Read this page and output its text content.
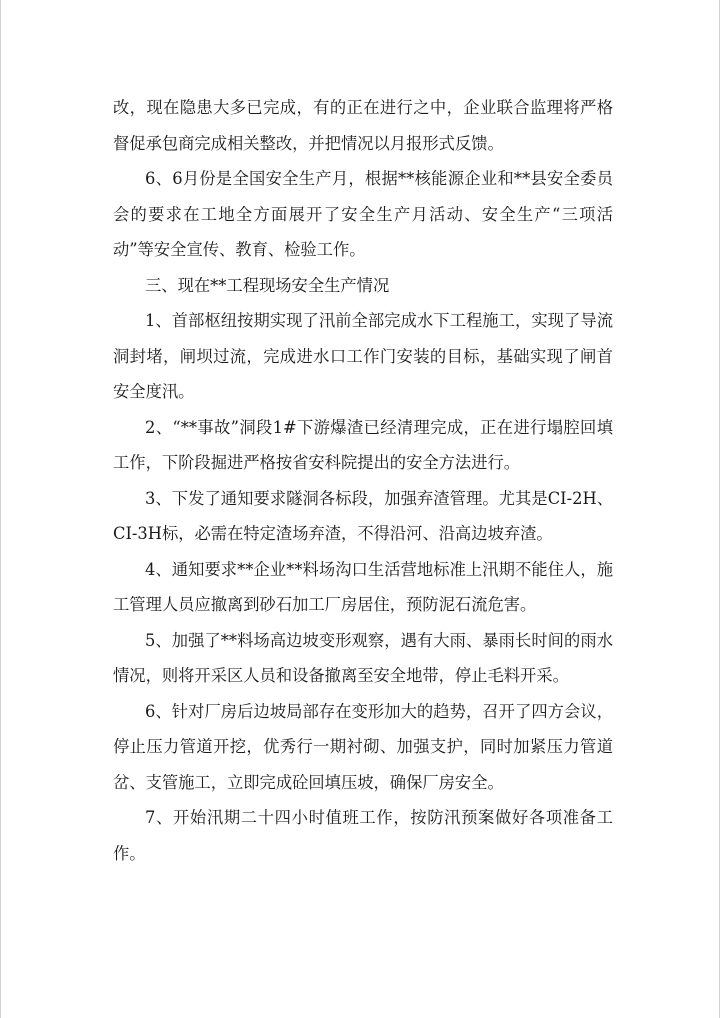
改，现在隐患大多已完成，有的正在进行之中，企业联合监理将严格督促承包商完成相关整改，并把情况以月报形式反馈。

6、6月份是全国安全生产月，根据**核能源企业和**县安全委员会的要求在工地全方面展开了安全生产月活动、安全生产“三项活动”等安全宣传、教育、检验工作。

三、现在**工程现场安全生产情况

1、首部枢纽按期实现了汛前全部完成水下工程施工，实现了导流洞封堵，闸坝过流，完成进水口工作门安装的目标，基础实现了闸首安全度汛。

2、“**事故”洞段1#下游爆渣已经清理完成，正在进行塌腔回填工作，下阶段掘进严格按省安科院提出的安全方法进行。

3、下发了通知要求隧洞各标段，加强弃渣管理。尤其是CI-2H、CI-3H标，必需在特定渣场弃渣，不得沿河、沿高边坡弃渣。

4、通知要求**企业**料场沟口生活营地标准上汛期不能住人，施工管理人员应撤离到砂石加工厂房居住，预防泥石流危害。

5、加强了**料场高边坡变形观察，遇有大雨、暴雨长时间的雨水情况，则将开采区人员和设备撤离至安全地带，停止毛料开采。

6、针对厂房后边坡局部存在变形加大的趋势，召开了四方会议，停止压力管道开挖，优秀行一期衬砌、加强支护，同时加紧压力管道岔、支管施工，立即完成砼回填压坡，确保厂房安全。

7、开始汛期二十四小时值班工作，按防汛预案做好各项准备工作。
